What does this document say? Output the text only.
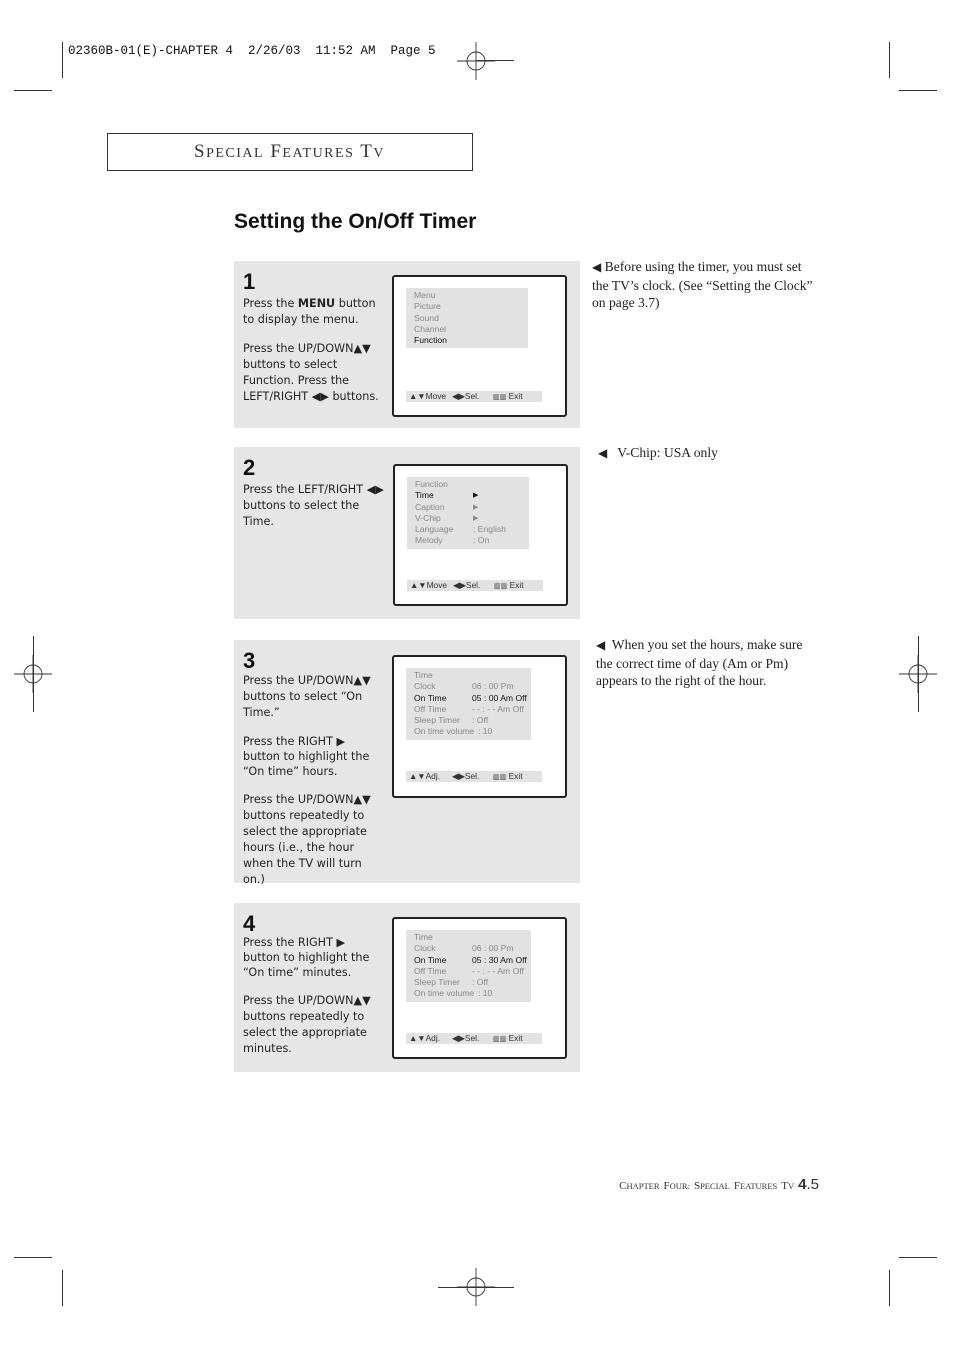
02360B-01(E)-CHAPTER 4  2/26/03  11:52 AM  Page 5
SPECIAL FEATURES TV
Setting the On/Off Timer
1

Press the MENU button to display the menu.

Press the UP/DOWN▲▼ buttons to select Function. Press the LEFT/RIGHT ◀▶ buttons.

Menu
Picture
Sound
Channel
Function
▲▼Move ◀▶Sel. ▥▥ Exit
2

Press the LEFT/RIGHT ◀▶ buttons to select the Time.

Function
Time	▶
Caption	▶
V-Chip	▶
Language : English
Melody	: On
▲▼Move ◀▶Sel. ▥▥ Exit
3

Press the UP/DOWN▲▼ buttons to select “On Time.”

Press the RIGHT ▶ button to highlight the “On time” hours.

Press the UP/DOWN▲▼ buttons repeatedly to select the appropriate hours (i.e., the hour when the TV will turn on.)

Time
Clock	06 : 00 Pm
On Time	05 : 00 Am Off
Off Time	- - : - - Am Off
Sleep Timer : Off
On time volume : 10
▲▼Adj. ◀▶Sel. ▥▥ Exit
4

Press the RIGHT ▶ button to highlight the “On time” minutes.

Press the UP/DOWN▲▼ buttons repeatedly to select the appropriate minutes.

Time
Clock	06 : 00 Pm
On Time	05 : 30 Am Off
Off Time	- - : - - Am Off
Sleep Timer : Off
On time volume : 10
▲▼Adj. ◀▶Sel. ▥▥ Exit
◀ Before using the timer, you must set the TV’s clock. (See “Setting the Clock” on page 3.7)
◀ V-Chip: USA only
◀ When you set the hours, make sure the correct time of day (Am or Pm) appears to the right of the hour.
CHAPTER FOUR: SPECIAL FEATURES TV 4.5
